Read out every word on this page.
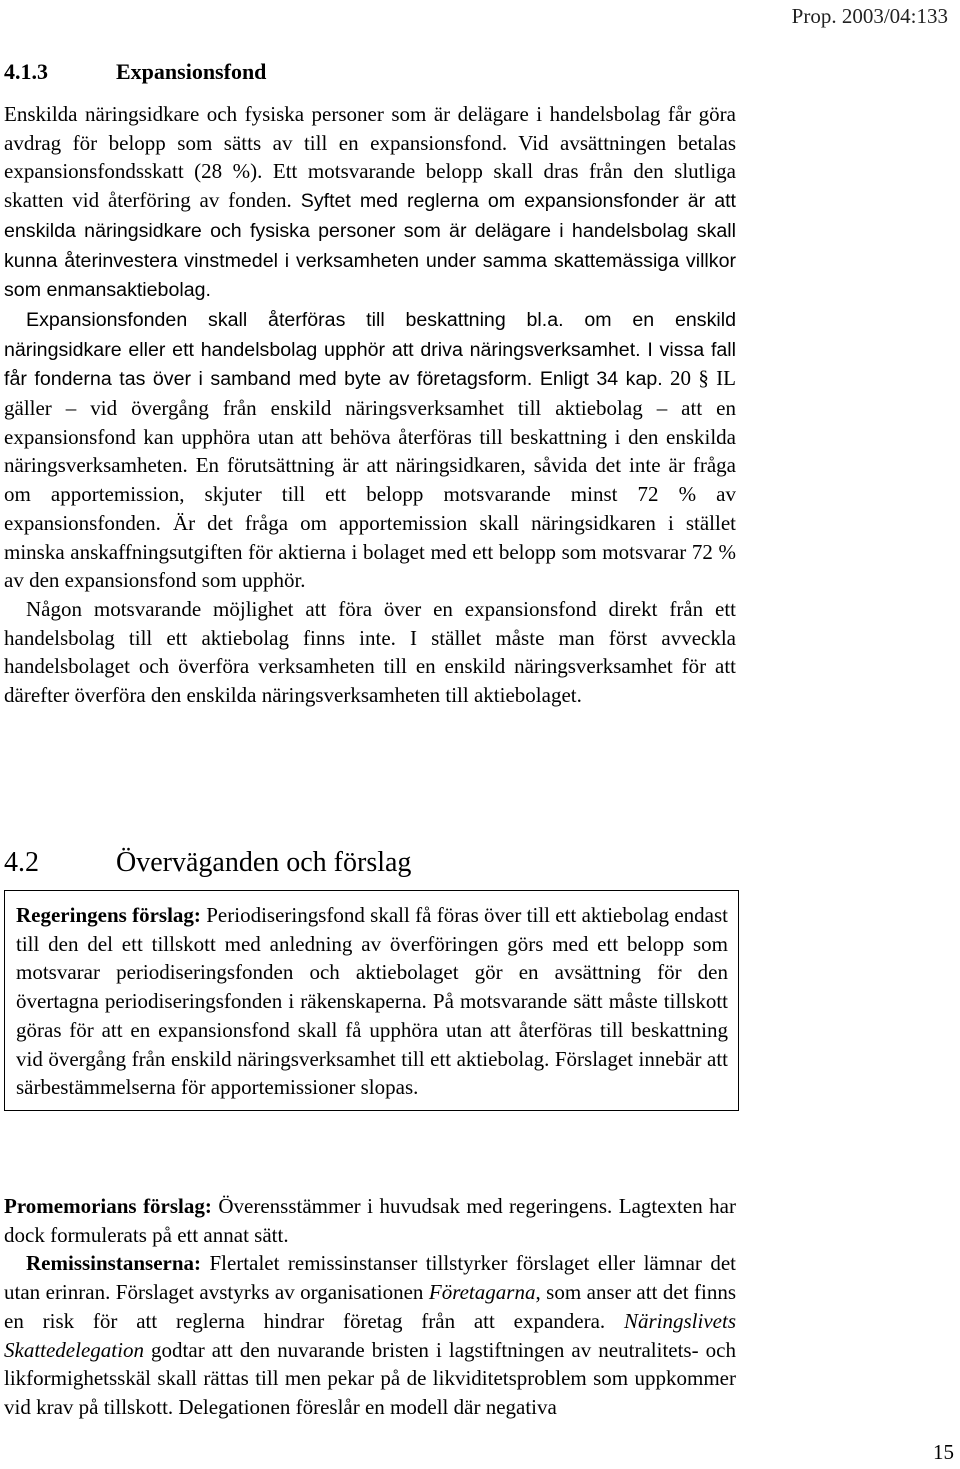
Prop. 2003/04:133
4.1.3	Expansionsfond

Enskilda näringsidkare och fysiska personer som är delägare i handelsbolag får göra avdrag för belopp som sätts av till en expansionsfond. Vid avsättningen betalas expansionsfondsskatt (28 %). Ett motsvarande belopp skall dras från den slutliga skatten vid återföring av fonden. Syftet med reglerna om expansionsfonder är att enskilda näringsidkare och fysiska personer som är delägare i handelsbolag skall kunna återinvestera vinstmedel i verksamheten under samma skattemässiga villkor som enmansaktiebolag.

Expansionsfonden skall återföras till beskattning bl.a. om en enskild näringsidkare eller ett handelsbolag upphör att driva näringsverksamhet. I vissa fall får fonderna tas över i samband med byte av företagsform. Enligt 34 kap. 20 § IL gäller – vid övergång från enskild näringsverksamhet till aktiebolag – att en expansionsfond kan upphöra utan att behöva återföras till beskattning i den enskilda näringsverksamheten. En förutsättning är att näringsidkaren, såvida det inte är fråga om apportemission, skjuter till ett belopp motsvarande minst 72 % av expansionsfonden. Är det fråga om apportemission skall näringsidkaren i stället minska anskaffningsutgiften för aktierna i bolaget med ett belopp som motsvarar 72 % av den expansionsfond som upphör.

Någon motsvarande möjlighet att föra över en expansionsfond direkt från ett handelsbolag till ett aktiebolag finns inte. I stället måste man först avveckla handelsbolaget och överföra verksamheten till en enskild näringsverksamhet för att därefter överföra den enskilda näringsverksamheten till aktiebolaget.

4.2	Överväganden och förslag

Regeringens förslag: Periodiseringsfond skall få föras över till ett aktiebolag endast till den del ett tillskott med anledning av överföringen görs med ett belopp som motsvarar periodiseringsfonden och aktiebolaget gör en avsättning för den övertagna periodiseringsfonden i räkenskaperna. På motsvarande sätt måste tillskott göras för att en expansionsfond skall få upphöra utan att återföras till beskattning vid övergång från enskild näringsverksamhet till ett aktiebolag. Förslaget innebär att särbestämmelserna för apportemissioner slopas.

Promemorians förslag: Överensstämmer i huvudsak med regeringens. Lagtexten har dock formulerats på ett annat sätt.

Remissinstanserna: Flertalet remissinstanser tillstyrker förslaget eller lämnar det utan erinran. Förslaget avstyrks av organisationen Företagarna, som anser att det finns en risk för att reglerna hindrar företag från att expandera. Näringslivets Skattedelegation godtar att den nuvarande bristen i lagstiftningen av neutralitets- och likformighetsskäl skall rättas till men pekar på de likviditetsproblem som uppkommer vid krav på tillskott. Delegationen föreslår en modell där negativa

15
